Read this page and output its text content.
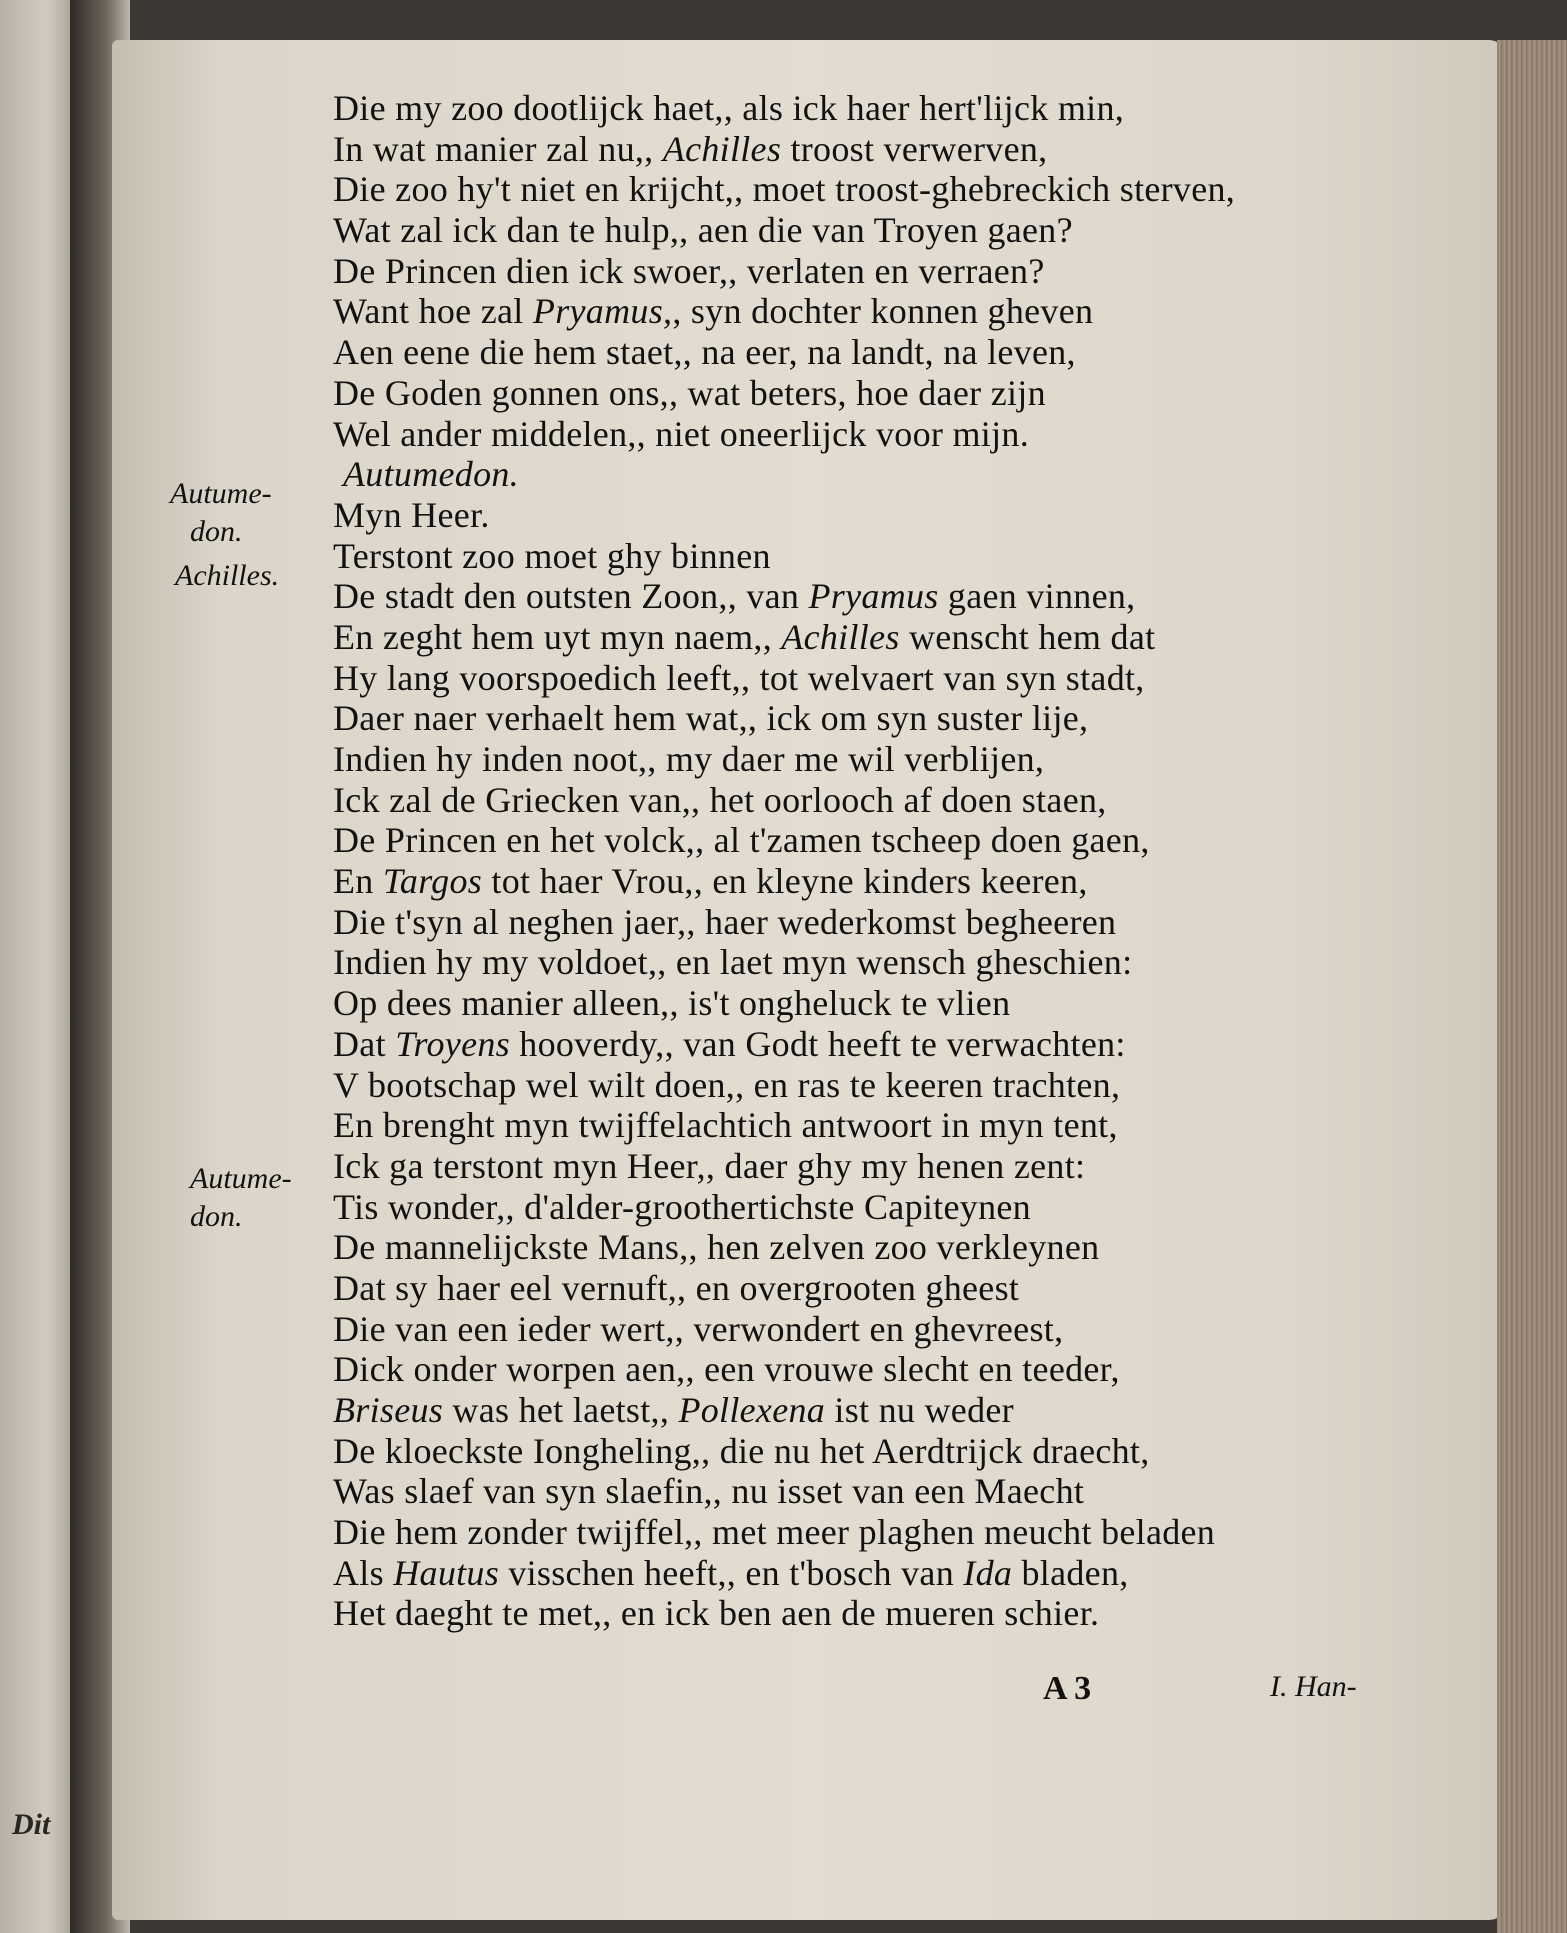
Dit
Autume-
don.
Achilles.
Autume-
don.
Die my zoo dootlijck haet,, als ick haer hert'lijck min,
In wat manier zal nu,, Achilles troost verwerven,
Die zoo hy't niet en krijcht,, moet troost-ghebreckich sterven,
Wat zal ick dan te hulp,, aen die van Troyen gaen?
De Princen dien ick swoer,, verlaten en verraen?
Want hoe zal Pryamus,, syn dochter konnen gheven
Aen eene die hem staet,, na eer, na landt, na leven,
De Goden gonnen ons,, wat beters, hoe daer zijn
Wel ander middelen,, niet oneerlijck voor mijn.
Autumedon.
Myn Heer.
Terstont zoo moet ghy binnen
De stadt den outsten Zoon,, van Pryamus gaen vinnen,
En zeght hem uyt myn naem,, Achilles wenscht hem dat
Hy lang voorspoedich leeft,, tot welvaert van syn stadt,
Daer naer verhaelt hem wat,, ick om syn suster lije,
Indien hy inden noot,, my daer me wil verblijen,
Ick zal de Griecken van,, het oorlooch af doen staen,
De Princen en het volck,, al t'zamen tscheep doen gaen,
En Targos tot haer Vrou,, en kleyne kinders keeren,
Die t'syn al neghen jaer,, haer wederkomst begheeren
Indien hy my voldoet,, en laet myn wensch gheschien:
Op dees manier alleen,, is't ongheluck te vlien
Dat Troyens hooverdy,, van Godt heeft te verwachten:
V bootschap wel wilt doen,, en ras te keeren trachten,
En brenght myn twijffelachtich antwoort in myn tent,
Ick ga terstont myn Heer,, daer ghy my henen zent:
Tis wonder,, d'alder-groothertichste Capiteynen
De mannelijckste Mans,, hen zelven zoo verkleynen
Dat sy haer eel vernuft,, en overgrooten gheest
Die van een ieder wert,, verwondert en ghevreest,
Dick onder worpen aen,, een vrouwe slecht en teeder,
Briseus was het laetst,, Pollexena ist nu weder
De kloeckste Iongheling,, die nu het Aerdtrijck draecht,
Was slaef van syn slaefin,, nu isset van een Maecht
Die hem zonder twijffel,, met meer plaghen meucht beladen
Als Hautus visschen heeft,, en t'bosch van Ida bladen,
Het daeght te met,, en ick ben aen de mueren schier.
A 3	I. Han-
